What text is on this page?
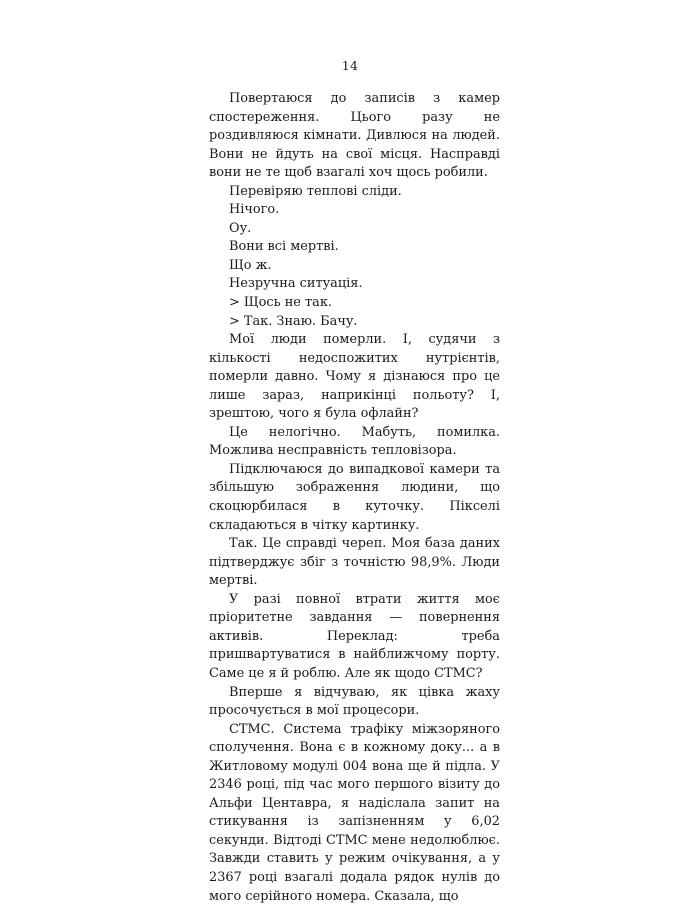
14

Повертаюся до записів з камер спостереження. Цього разу не роздивляюся кімнати. Дивлюся на людей. Вони не йдуть на свої місця. Насправді вони не те щоб взагалі хоч щось робили.

Перевіряю теплові сліди.

Нічого.

Оу.

Вони всі мертві.

Що ж.

Незручна ситуація.

> Щось не так.

> Так. Знаю. Бачу.

Мої люди померли. І, судячи з кількості недоспожитих нутрієнтів, померли давно. Чому я дізнаюся про це лише зараз, наприкінці польоту? І, зрештою, чого я була офлайн?

Це нелогічно. Мабуть, помилка. Можлива несправність тепловізора.

Підключаюся до випадкової камери та збільшую зображення людини, що скоцюрбилася в куточку. Пікселі складаються в чітку картинку.

Так. Це справді череп. Моя база даних підтверджує збіг з точністю 98,9%. Люди мертві.

У разі повної втрати життя моє пріоритетне завдання — повернення активів. Переклад: треба пришвартуватися в найближчому порту. Саме це я й роблю. Але як щодо СТМС?

Вперше я відчуваю, як цівка жаху просочується в мої процесори.

СТМС. Система трафіку міжзоряного сполучення. Вона є в кожному доку... а в Житловому модулі 004 вона ще й підла. У 2346 році, під час мого першого візиту до Альфи Центавра, я надіслала запит на стикування із запізненням у 6,02 секунди. Відтоді СТМС мене недолюблює. Завжди ставить у режим очікування, а у 2367 році взагалі додала рядок нулів до мого серійного номера. Сказала, що
